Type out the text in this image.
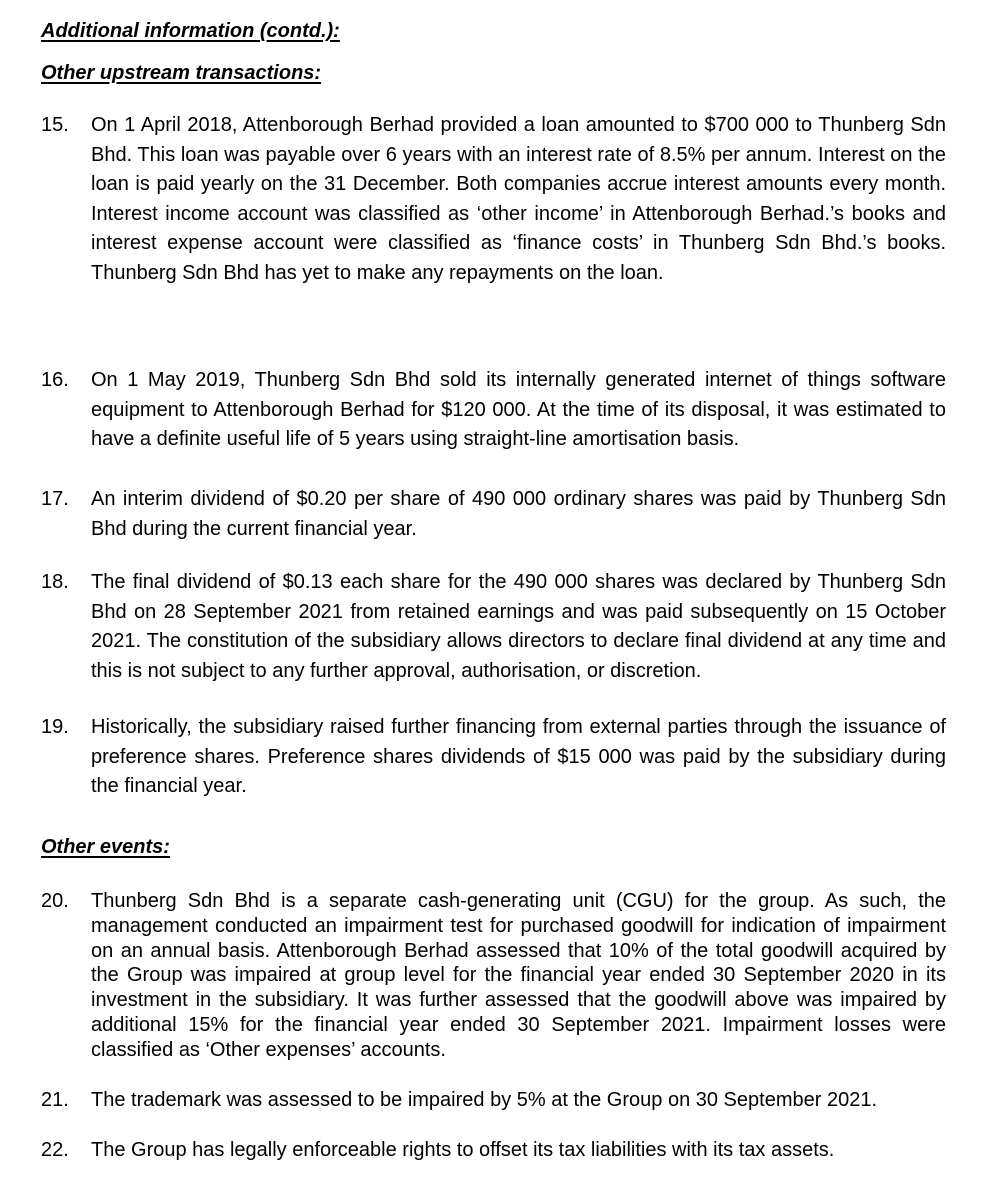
Additional information (contd.):
Other upstream transactions:
15. On 1 April 2018, Attenborough Berhad provided a loan amounted to $700 000 to Thunberg Sdn Bhd. This loan was payable over 6 years with an interest rate of 8.5% per annum. Interest on the loan is paid yearly on the 31 December. Both companies accrue interest amounts every month. Interest income account was classified as ‘other income’ in Attenborough Berhad.’s books and interest expense account were classified as ‘finance costs’ in Thunberg Sdn Bhd.’s books. Thunberg Sdn Bhd has yet to make any repayments on the loan.
16. On 1 May 2019, Thunberg Sdn Bhd sold its internally generated internet of things software equipment to Attenborough Berhad for $120 000. At the time of its disposal, it was estimated to have a definite useful life of 5 years using straight-line amortisation basis.
17. An interim dividend of $0.20 per share of 490 000 ordinary shares was paid by Thunberg Sdn Bhd during the current financial year.
18. The final dividend of $0.13 each share for the 490 000 shares was declared by Thunberg Sdn Bhd on 28 September 2021 from retained earnings and was paid subsequently on 15 October 2021. The constitution of the subsidiary allows directors to declare final dividend at any time and this is not subject to any further approval, authorisation, or discretion.
19. Historically, the subsidiary raised further financing from external parties through the issuance of preference shares. Preference shares dividends of $15 000 was paid by the subsidiary during the financial year.
Other events:
20. Thunberg Sdn Bhd is a separate cash-generating unit (CGU) for the group. As such, the management conducted an impairment test for purchased goodwill for indication of impairment on an annual basis. Attenborough Berhad assessed that 10% of the total goodwill acquired by the Group was impaired at group level for the financial year ended 30 September 2020 in its investment in the subsidiary. It was further assessed that the goodwill above was impaired by additional 15% for the financial year ended 30 September 2021. Impairment losses were classified as ‘Other expenses’ accounts.
21. The trademark was assessed to be impaired by 5% at the Group on 30 September 2021.
22. The Group has legally enforceable rights to offset its tax liabilities with its tax assets.
